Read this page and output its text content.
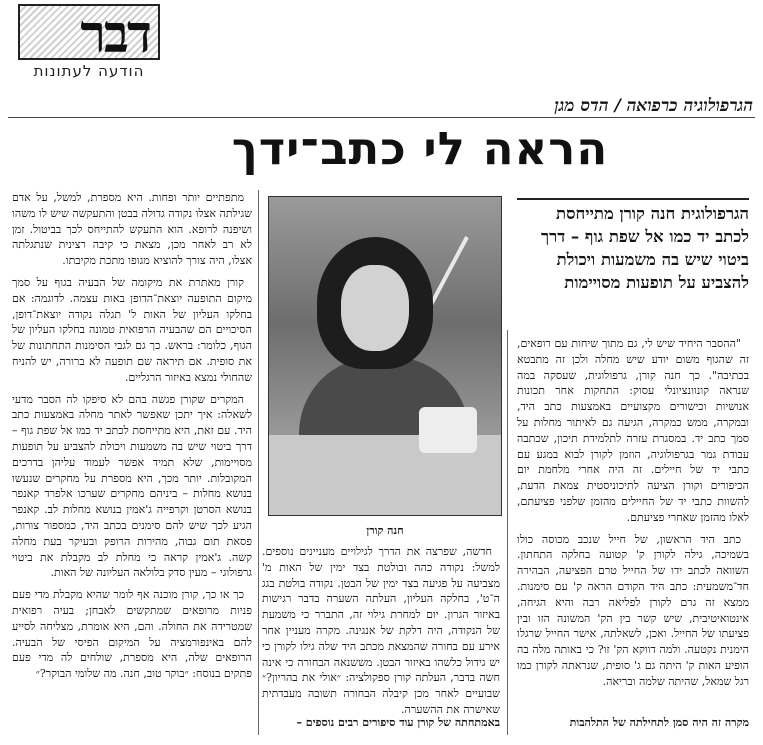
דבר
הודעה לעתונות
הגרפולוגיה כרפואה / הדס מגן
הראה לי כתב־ידך
הגרפולוגית חנה קורן מתייחסת לכתב יד כמו אל שפת גוף – דרך ביטוי שיש בה משמעות ויכולת להצביע על תופעות מסויימות

"ההסבר היחיד שיש לי, גם מתוך שיחות עם רופאים, זה שהגוף משום יודע שיש מחלה ולכן זה מתבטא בכתיבה". כך חנה קורן, גרפולוגית, שעסקה במה שנראה קונוונציונלי עסוק: התחקות אחר תכונות אנושיות וכישורים מקצועיים באמצעות כתב היד, ובמקרה, ממש כמקרה, הגיעה גם לאיתור מחלות על סמך כתב יד. במסגרת עזרה לתלמידת תיכון, שכתבה עבודת גמר בגרפולוגיה, הוזמן לקורן לבוא במגע עם כתבי יד של חיילים. זה היה אחרי מלחמת יום הכיפורים וקורן הציעה לתיכוניסטית צמאת הדעת, להשוות כתבי יד של החיילים מהזמן שלפני פציעתם, לאלו מהזמן שאחרי פציעתם.

כתב היד הראשון, של חייל שנכב מכוסה כולו בשמיכה, גילה לקורן ק' קטועה בחלקה התחתון. השוואה לכתב ידו של החייל טרם הפציעה, הבהירה חד־משמעית: כתב היד הקודם הראה ק' עם סימנות. ממצא זה גרם לקורן לפליאה רבה והיא הגיחה, אינטואיטיבית, שיש קשר בין הק' המשונה הזו ובין פציעתו של החייל. ואכן, לשאלתה, אישר החייל שרגלו הימנית נקטעה. ולמה דווקא הק' זו? כי באותה מלה בה הופיע האות ק' היתה גם ג' סופית, שנראתה לקורן כמו רגל שמאל, שהיתה שלמה ובריאה.

מקרה זה היה סמן לתחילתה של התלהבות
חנה קורן

חדשה, שפרצה את הדרך לגילויים מעניינים נוספים. למשל: נקודה כהה ובולטת בצד ימין של האות מ' מצביעה על פגיעה בצד ימין של הבטן. נקודה בולטת בגג ה־ט', בחלקה העליון, העלתה השערה בדבר רגישות באיזור הגרון. יום למחרת גילוי זה, התברר כי משמעת של הנקודה, היה דלקת של אנגינה. מקרה מעניין אחר אירע עם בחורה שהמצאת מכתב היד שלה גילו לקורן כי יש גידול כלשהו באיזור הבטן. מששנאה הבחורה כי אינה חשה בדבר, העלתה קורן ספקולציה: ״אולי את בהריון?״ שבועיים לאחר מכן קיבלה הבחורה תשובה מעבדתית שאישרה את ההשערה.

באמתחתה של קורן עוד סיפורים רבים נוספים –

מתפתיים יותר ופחות. היא מספרת, למשל, על אדם שגילתה אצלו נקודה גדולה בבטן והתעקשה שיש לו משהו ושיפנה לרופא. הוא התעקש להתייחס לכך בביטול. זמן לא רב לאחר מכן, מצאת כי קיבה רצינית שנתגלתה אצלו, היה צורך להוציא מגופו מתכת מקיבתו.

קורן מאתרת את מיקומה של הבעיה בגוף על סמך מיקום התופעה יוצאת־הדופן באות עצמה. לדוגמה: אם בחלקו העליון של האות ל' תגלה נקודה יוצאת־דופן, הסיכויים הם שהבעיה הרפואית טמונה בחלקו העליון של הגוף, כלומר: בראש. כך גם לגבי הסימנות התחתונות של את סופית. אם תיראה שם תופעה לא ברורה, יש להניח שהחולי נמצא באיזור הרגליים.

המקרים שקורן פגשה בהם לא סיפקו לה הסבר מדעי לשאלה: איך יתכן שאפשר לאתר מחלה באמצעות כתב היד. עם זאת, היא מתייחסת לכתב יד כמו אל שפת גוף – דרך ביטוי שיש בה משמעות ויכולת להצביע על תופעות מסויימות, שלא תמיד אפשר לעמוד עליהן בדרכים המקובלות. יותר מכך, היא מספרת על מחקרים שנעשו בנושא מחלות – ביניהם מחקרים שערכו אלפרד קאנפר בנושא הסרטן וקרפייה ג'אמין בנושא מחלות לב. קאנפר הגיע לכך שיש להם סימנים בכתב היד, כמספור צורות, פסאת תום גבוה, מהירות הרופק ובעיקר בעת מחלה קשה. ג'אמין קראה כי מחלת לב מקבלת את ביטוי גרפולוגי – מעין סדק בלולאה העליונה של האות.

כך או כך, קורן מוכנה אף לומר שהיא מקבלת מדי פעם פניות מרופאים שמתקשים לאבחן; בעיה רפואית שמטרידה את החולה. והם, היא אומרת, מצליחה לסייע להם באינפורמציה על המיקום הפיסי של הבעיה. הרופאים שלה, היא מספרת, שולחים לה מדי פעם פתקים בנוסח: ״בוקר טוב, חנה. מה שלומי הבוקר?״
